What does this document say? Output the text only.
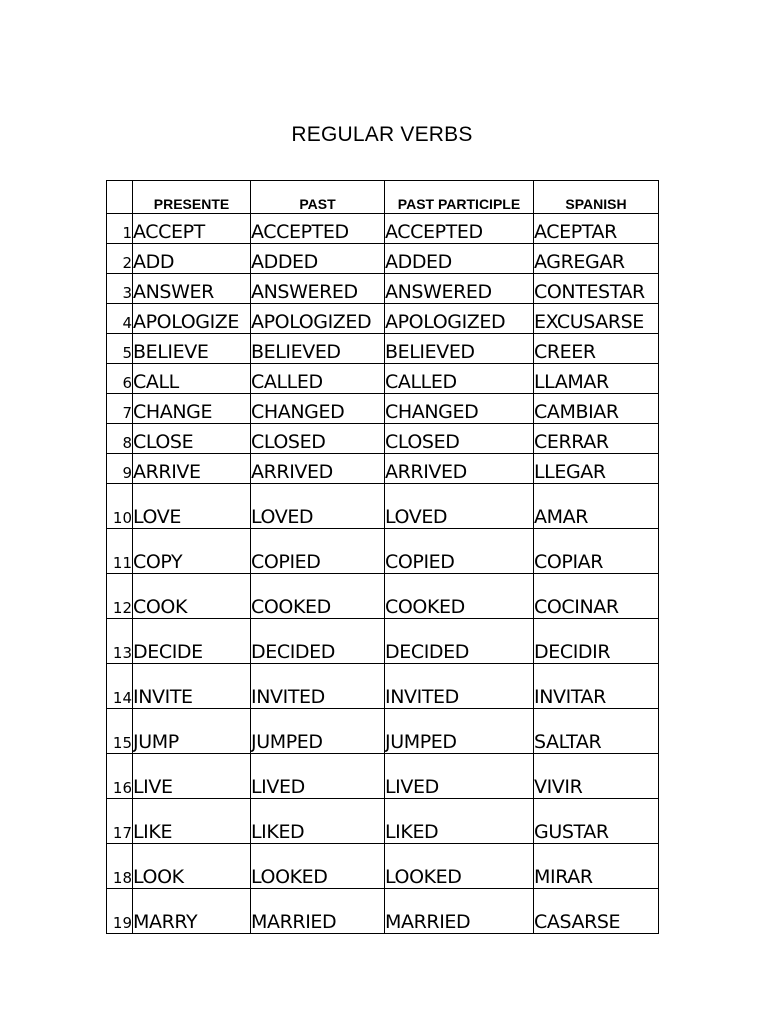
REGULAR VERBS
	PRESENTE	PAST	PAST PARTICIPLE	SPANISH
1	ACCEPT	ACCEPTED	ACCEPTED	ACEPTAR
2	ADD	ADDED	ADDED	AGREGAR
3	ANSWER	ANSWERED	ANSWERED	CONTESTAR
4	APOLOGIZE	APOLOGIZED	APOLOGIZED	EXCUSARSE
5	BELIEVE	BELIEVED	BELIEVED	CREER
6	CALL	CALLED	CALLED	LLAMAR
7	CHANGE	CHANGED	CHANGED	CAMBIAR
8	CLOSE	CLOSED	CLOSED	CERRAR
9	ARRIVE	ARRIVED	ARRIVED	LLEGAR
10	LOVE	LOVED	LOVED	AMAR
11	COPY	COPIED	COPIED	COPIAR
12	COOK	COOKED	COOKED	COCINAR
13	DECIDE	DECIDED	DECIDED	DECIDIR
14	INVITE	INVITED	INVITED	INVITAR
15	JUMP	JUMPED	JUMPED	SALTAR
16	LIVE	LIVED	LIVED	VIVIR
17	LIKE	LIKED	LIKED	GUSTAR
18	LOOK	LOOKED	LOOKED	MIRAR
19	MARRY	MARRIED	MARRIED	CASARSE
